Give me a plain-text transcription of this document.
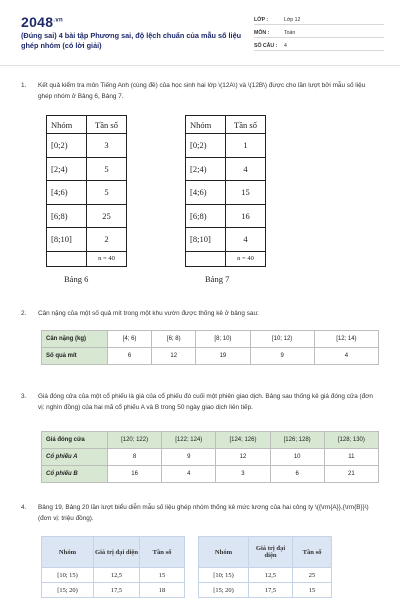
$2048^{.vn}$
(Đúng sai) 4 bài tập Phương sai, độ lệch chuẩn của mẫu số liệu ghép nhóm (có lời giải)
LỚP :	Lớp 12
MÔN :	Toán
SỐ CÂU :	4
1. Kết quả kiểm tra môn Tiếng Anh (cùng đề) của học sinh hai lớp \(12A\) và \(12B\) được cho lần lượt bởi mẫu số liệu ghép nhóm ở Bảng 6, Bảng 7.
Nhóm	Tần số
[0;2)	3
[2;4)	5
[4;6)	5
[6;8)	25
[8;10]	2
	n = 40
Bảng 6
Nhóm	Tần số
[0;2)	1
[2;4)	4
[4;6)	15
[6;8)	16
[8;10]	4
	n = 40
Bảng 7
2. Cân nặng của một số quả mít trong một khu vườn được thống kê ở bảng sau:
Cân nặng (kg)	[4; 6)	[6; 8)	[8; 10)	[10; 12)	[12; 14)
Số quả mít	6	12	19	9	4
3. Giá đóng cửa của một cổ phiếu là giá của cổ phiếu đó cuối một phiên giao dịch. Bảng sau thống kê giá đóng cửa (đơn vị: nghìn đồng) của hai mã cổ phiếu A và B trong 50 ngày giao dịch liên tiếp.
Giá đóng cửa	[120; 122)	[122; 124)	[124; 126)	[126; 128)	[128; 130)
Cổ phiếu A	8	9	12	10	11
Cổ phiếu B	16	4	3	6	21
4. Bảng 19, Bảng 20 lần lượt biểu diễn mẫu số liệu ghép nhóm thống kê mức lương của hai công ty \({\rm{A}},{\rm{B}}\) (đơn vị: triệu đồng).
Nhóm	Giá trị đại diện	Tần số
[10; 15)	12,5	15
[15; 20)	17,5	18
Nhóm	Giá trị đại diện	Tần số
[10; 15)	12,5	25
[15; 20)	17,5	15
